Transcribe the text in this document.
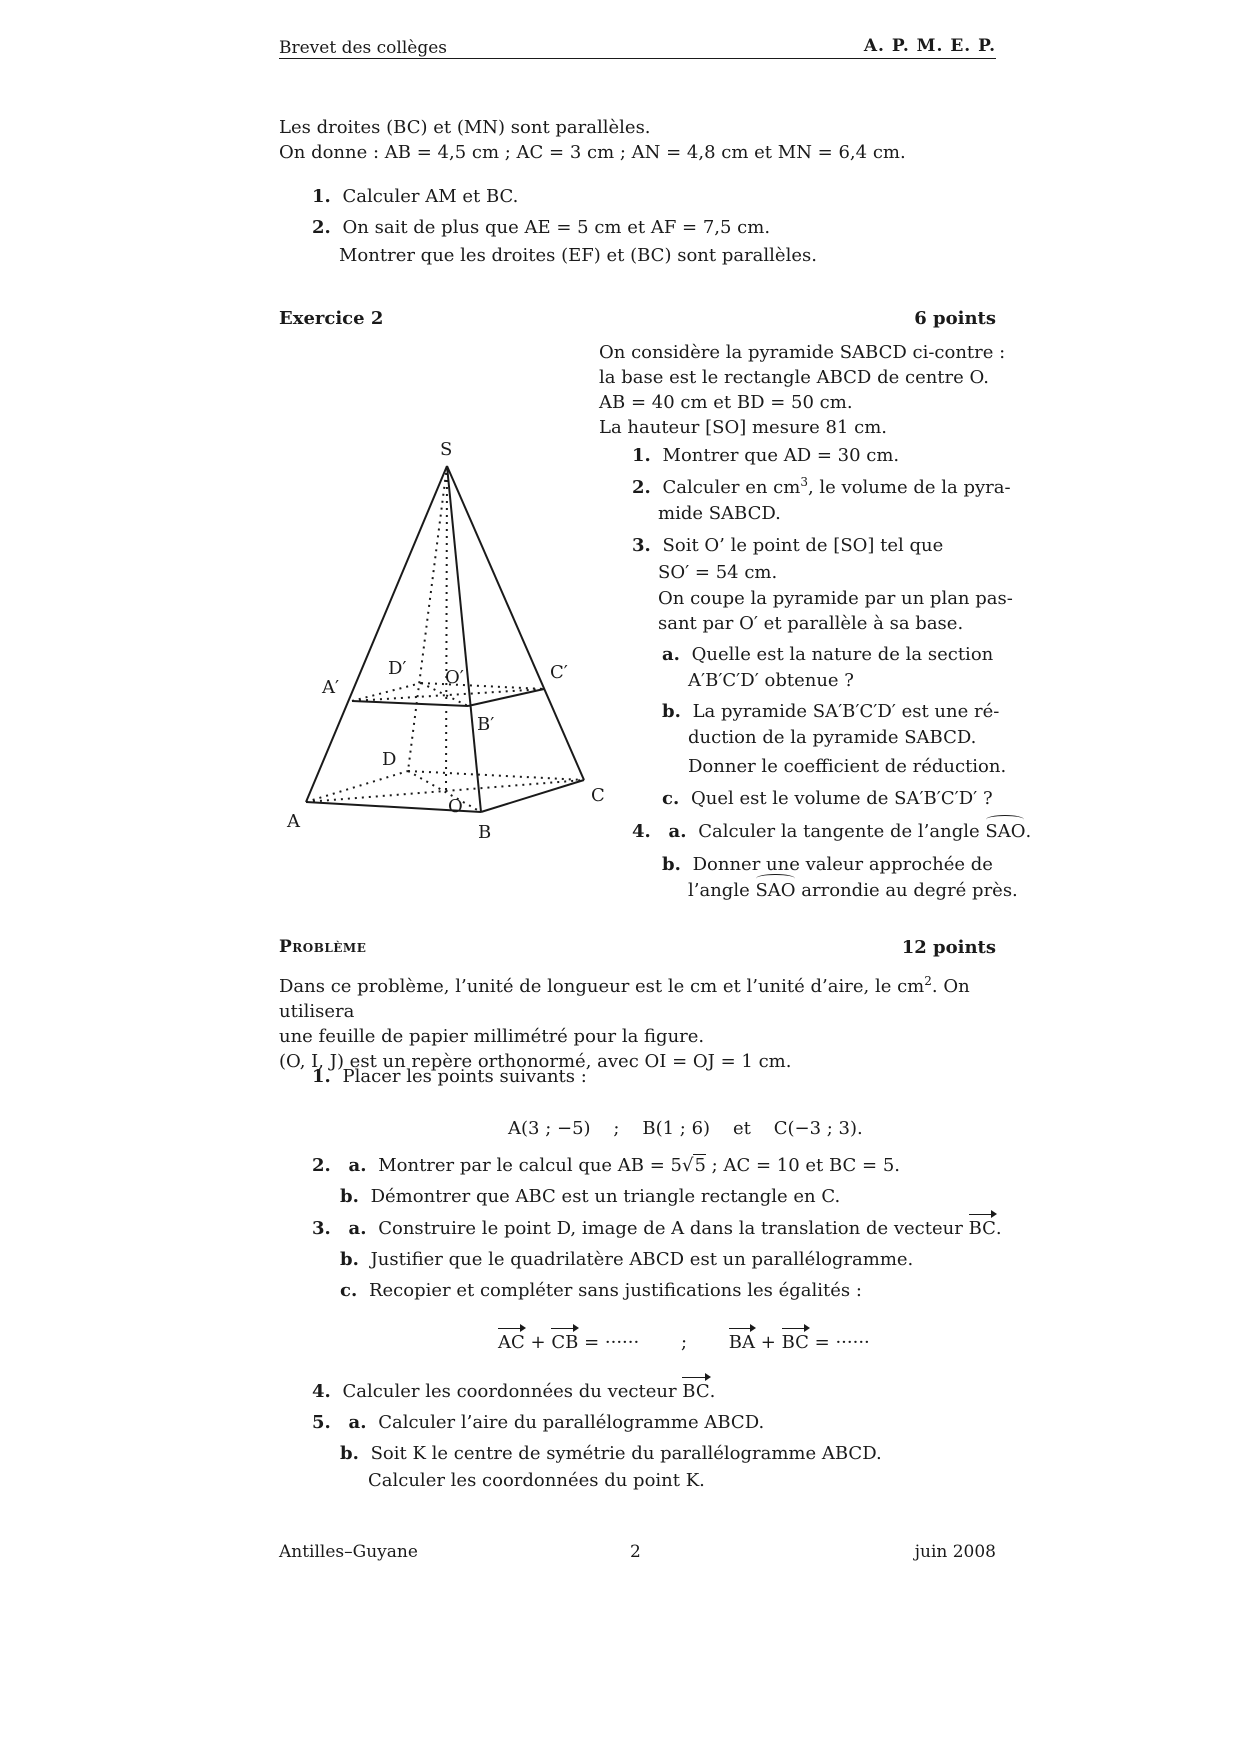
Brevet des collèges	A. P. M. E. P.
Les droites (BC) et (MN) sont parallèles.
On donne : AB = 4,5 cm ; AC = 3 cm ; AN = 4,8 cm et MN = 6,4 cm.
1. Calculer AM et BC.
2. On sait de plus que AE = 5 cm et AF = 7,5 cm.
Montrer que les droites (EF) et (BC) sont parallèles.
Exercice 2	6 points
S
A
B
C
D
O
A′
B′
C′
D′ O′
On considère la pyramide SABCD ci-contre :
la base est le rectangle ABCD de centre O.
AB = 40 cm et BD = 50 cm.
La hauteur [SO] mesure 81 cm.
1. Montrer que AD = 30 cm.
2. Calculer en $cm^3$, le volume de la pyra-
mide SABCD.
3. Soit O’ le point de [SO] tel que
SO′ = 54 cm.
On coupe la pyramide par un plan pas-
sant par O′ et parallèle à sa base.
a. Quelle est la nature de la section
A′B′C′D′ obtenue ?
b. La pyramide SA′B′C′D′ est une ré-
duction de la pyramide SABCD.
Donner le coefficient de réduction.
c. Quel est le volume de SA′B′C′D′ ?
4. a. Calculer la tangente de l’angle SAO.
b. Donner une valeur approchée de
l’angle SAO arrondie au degré près.
Problème	12 points
Dans ce problème, l’unité de longueur est le cm et l’unité d’aire, le $cm^2$. On utilisera
une feuille de papier millimétré pour la figure.
(O, I, J) est un repère orthonormé, avec OI = OJ = 1 cm.
1. Placer les points suivants :
A(3 ; −5)    ;    B(1 ; 6)    et    C(−3 ; 3).
2. a. Montrer par le calcul que AB = 5√5 ; AC = 10 et BC = 5.
b. Démontrer que ABC est un triangle rectangle en C.
3. a. Construire le point D, image de A dans la translation de vecteur BC.
b. Justifier que le quadrilatère ABCD est un parallélogramme.
c. Recopier et compléter sans justifications les égalités :
AC + CB = ······ ; BA + BC = ······
4. Calculer les coordonnées du vecteur BC.
5. a. Calculer l’aire du parallélogramme ABCD.
b. Soit K le centre de symétrie du parallélogramme ABCD.
Calculer les coordonnées du point K.
Antilles–Guyane	2	juin 2008
